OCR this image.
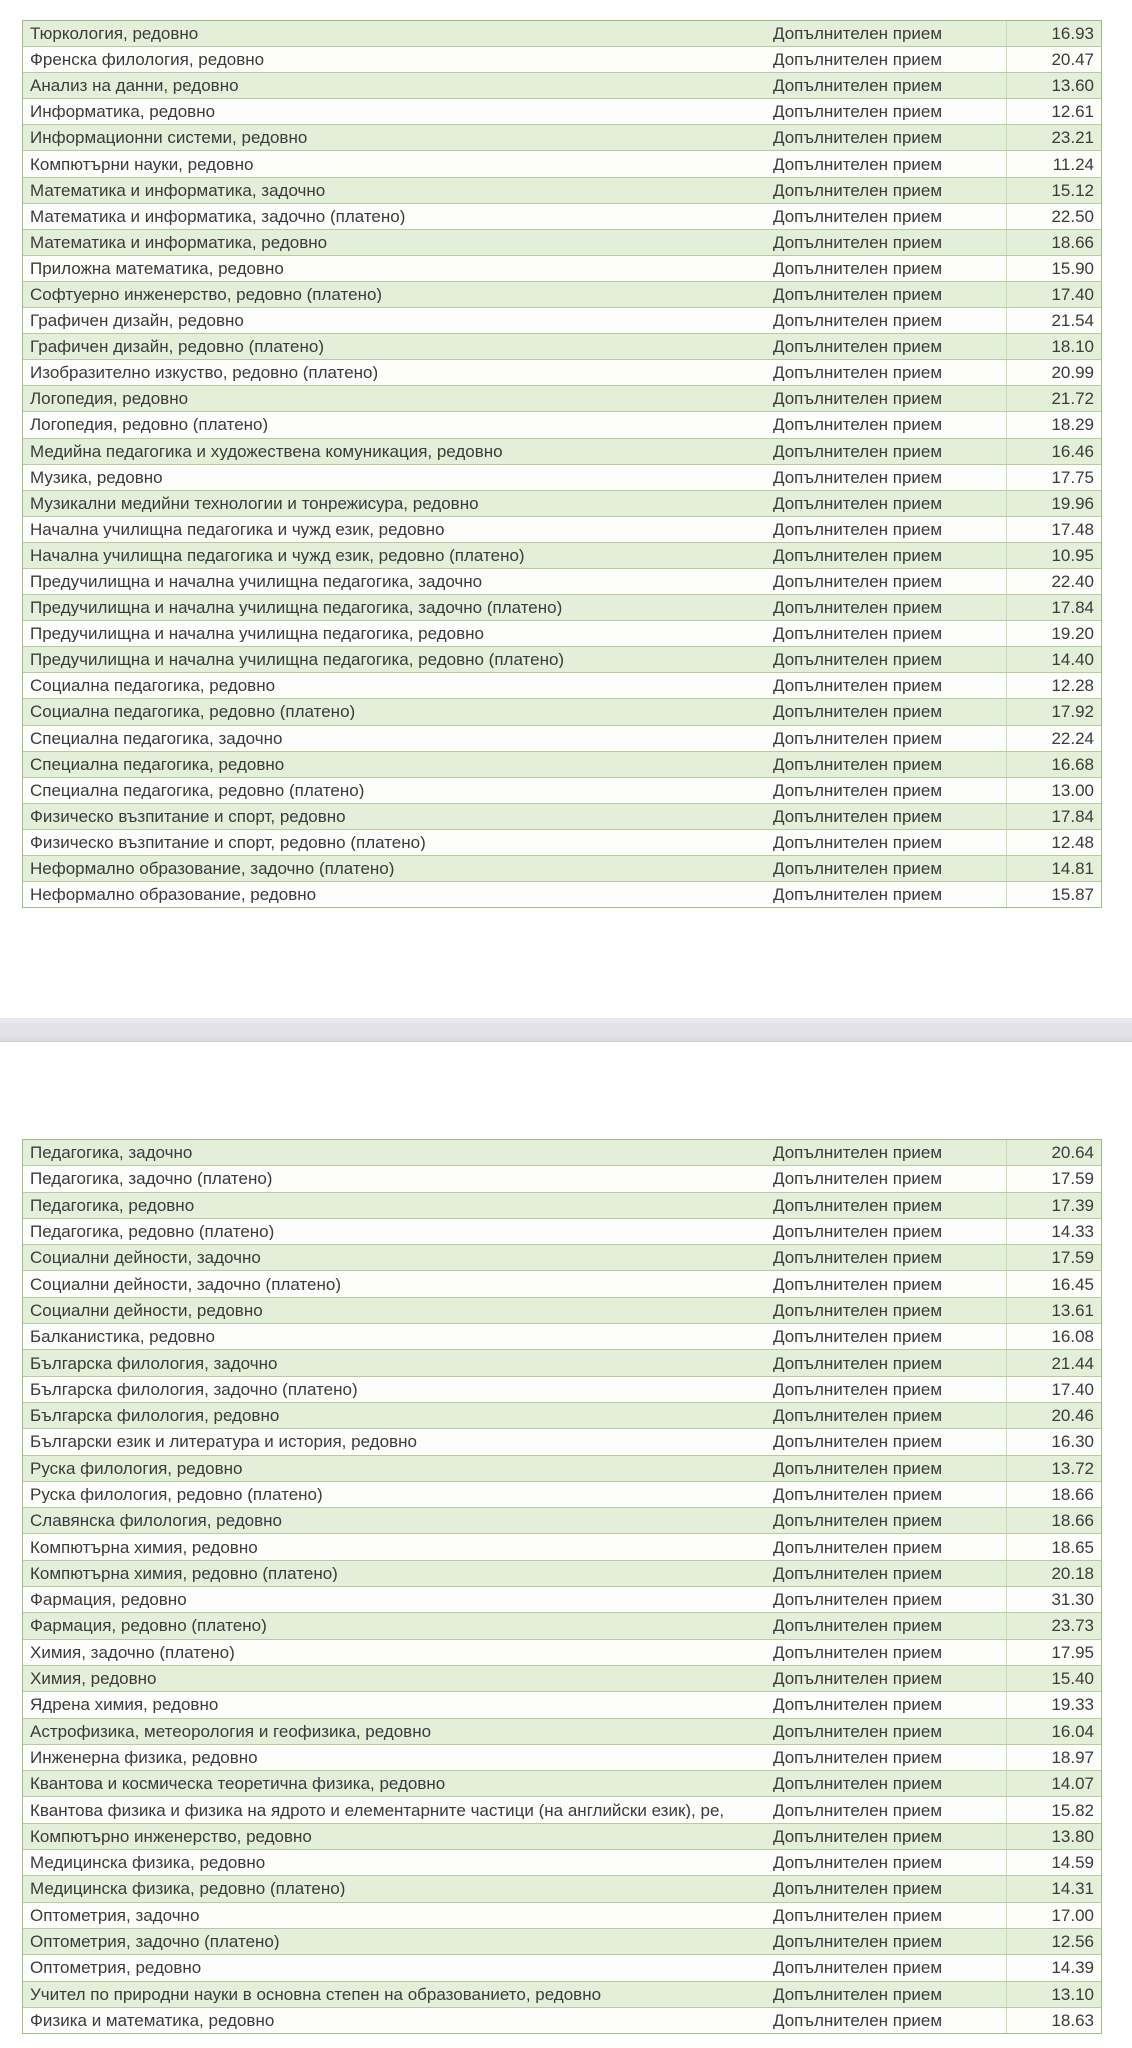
Тюркология, редовно	Допълнителен прием	16.93
Френска филология, редовно	Допълнителен прием	20.47
Анализ на данни, редовно	Допълнителен прием	13.60
Информатика, редовно	Допълнителен прием	12.61
Информационни системи, редовно	Допълнителен прием	23.21
Компютърни науки, редовно	Допълнителен прием	11.24
Математика и информатика, задочно	Допълнителен прием	15.12
Математика и информатика, задочно (платено)	Допълнителен прием	22.50
Математика и информатика, редовно	Допълнителен прием	18.66
Приложна математика, редовно	Допълнителен прием	15.90
Софтуерно инженерство, редовно (платено)	Допълнителен прием	17.40
Графичен дизайн, редовно	Допълнителен прием	21.54
Графичен дизайн, редовно (платено)	Допълнителен прием	18.10
Изобразително изкуство, редовно (платено)	Допълнителен прием	20.99
Логопедия, редовно	Допълнителен прием	21.72
Логопедия, редовно (платено)	Допълнителен прием	18.29
Медийна педагогика и художествена комуникация, редовно	Допълнителен прием	16.46
Музика, редовно	Допълнителен прием	17.75
Музикални медийни технологии и тонрежисура, редовно	Допълнителен прием	19.96
Начална училищна педагогика и чужд език, редовно	Допълнителен прием	17.48
Начална училищна педагогика и чужд език, редовно (платено)	Допълнителен прием	10.95
Предучилищна и начална училищна педагогика, задочно	Допълнителен прием	22.40
Предучилищна и начална училищна педагогика, задочно (платено)	Допълнителен прием	17.84
Предучилищна и начална училищна педагогика, редовно	Допълнителен прием	19.20
Предучилищна и начална училищна педагогика, редовно (платено)	Допълнителен прием	14.40
Социална педагогика, редовно	Допълнителен прием	12.28
Социална педагогика, редовно (платено)	Допълнителен прием	17.92
Специална педагогика, задочно	Допълнителен прием	22.24
Специална педагогика, редовно	Допълнителен прием	16.68
Специална педагогика, редовно (платено)	Допълнителен прием	13.00
Физическо възпитание и спорт, редовно	Допълнителен прием	17.84
Физическо възпитание и спорт, редовно (платено)	Допълнителен прием	12.48
Неформално образование, задочно (платено)	Допълнителен прием	14.81
Неформално образование, редовно	Допълнителен прием	15.87
Педагогика, задочно	Допълнителен прием	20.64
Педагогика, задочно (платено)	Допълнителен прием	17.59
Педагогика, редовно	Допълнителен прием	17.39
Педагогика, редовно (платено)	Допълнителен прием	14.33
Социални дейности, задочно	Допълнителен прием	17.59
Социални дейности, задочно (платено)	Допълнителен прием	16.45
Социални дейности, редовно	Допълнителен прием	13.61
Балканистика, редовно	Допълнителен прием	16.08
Българска филология, задочно	Допълнителен прием	21.44
Българска филология, задочно (платено)	Допълнителен прием	17.40
Българска филология, редовно	Допълнителен прием	20.46
Български език и литература и история, редовно	Допълнителен прием	16.30
Руска филология, редовно	Допълнителен прием	13.72
Руска филология, редовно (платено)	Допълнителен прием	18.66
Славянска филология, редовно	Допълнителен прием	18.66
Компютърна химия, редовно	Допълнителен прием	18.65
Компютърна химия, редовно (платено)	Допълнителен прием	20.18
Фармация, редовно	Допълнителен прием	31.30
Фармация, редовно (платено)	Допълнителен прием	23.73
Химия, задочно (платено)	Допълнителен прием	17.95
Химия, редовно	Допълнителен прием	15.40
Ядрена химия, редовно	Допълнителен прием	19.33
Астрофизика, метеорология и геофизика, редовно	Допълнителен прием	16.04
Инженерна физика, редовно	Допълнителен прием	18.97
Квантова и космическа теоретична физика, редовно	Допълнителен прием	14.07
Квантова физика и физика на ядрото и елементарните частици (на английски език), ре,	Допълнителен прием	15.82
Компютърно инженерство, редовно	Допълнителен прием	13.80
Медицинска физика, редовно	Допълнителен прием	14.59
Медицинска физика, редовно (платено)	Допълнителен прием	14.31
Оптометрия, задочно	Допълнителен прием	17.00
Оптометрия, задочно (платено)	Допълнителен прием	12.56
Оптометрия, редовно	Допълнителен прием	14.39
Учител по природни науки в основна степен на образованието, редовно	Допълнителен прием	13.10
Физика и математика, редовно	Допълнителен прием	18.63
